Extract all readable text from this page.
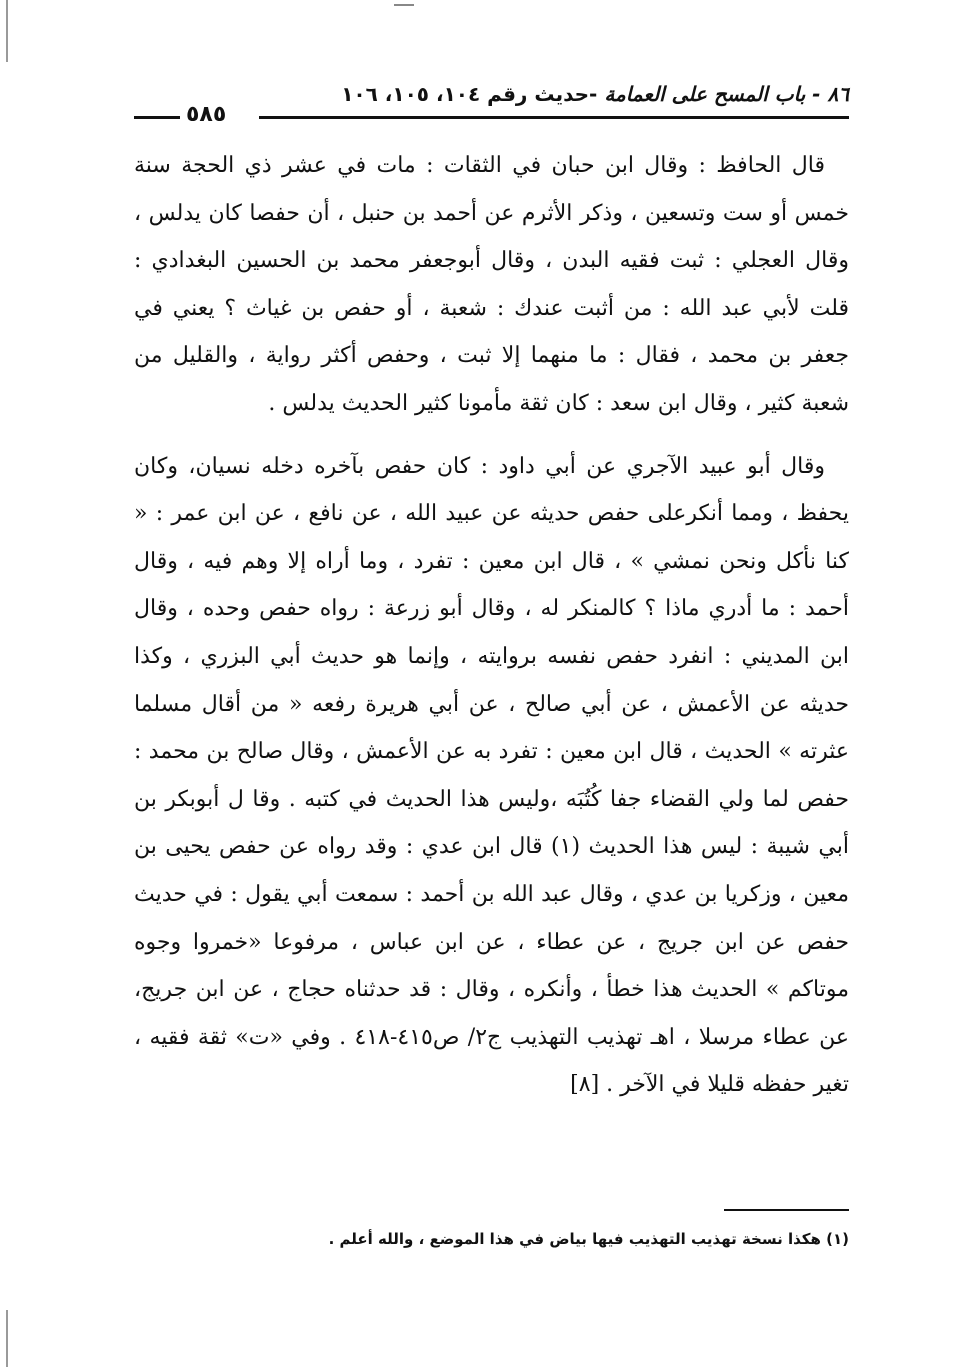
٨٦ - باب المسح على العمامة -حديث رقم ١٠٤، ١٠٥، ١٠٦
٥٨٥

قال الحافظ : وقال ابن حبان في الثقات : مات في عشر ذي الحجة سنة خمس أو ست وتسعين ، وذكر الأثرم عن أحمد بن حنبل ، أن حفصا كان يدلس ، وقال العجلي : ثبت فقيه البدن ، وقال أبوجعفر محمد بن الحسين البغدادي : قلت لأبي عبد الله : من أثبت عندك : شعبة ، أو حفص بن غياث ؟ يعني في جعفر بن محمد ، فقال : ما منهما إلا ثبت ، وحفص أكثر رواية ، والقليل من شعبة كثير ، وقال ابن سعد : كان ثقة مأمونا كثير الحديث يدلس .

وقال أبو عبيد الآجري عن أبي داود : كان حفص بآخره دخله نسيان، وكان يحفظ ، ومما أنكرعلى حفص حديثه عن عبيد الله ، عن نافع ، عن ابن عمر : « كنا نأكل ونحن نمشي » ، قال ابن معين : تفرد ، وما أراه إلا وهم فيه ، وقال أحمد : ما أدري ماذا ؟ كالمنكر له ، وقال أبو زرعة : رواه حفص وحده ، وقال ابن المديني : انفرد حفص نفسه بروايته ، وإنما هو حديث أبي البزري ، وكذا حديثه عن الأعمش ، عن أبي صالح ، عن أبي هريرة رفعه « من أقال مسلما عثرته » الحديث ، قال ابن معين : تفرد به عن الأعمش ، وقال صالح بن محمد : حفص لما ولي القضاء جفا كُتُبَه ،وليس هذا الحديث في كتبه . وقا ل أبوبكر بن أبي شيبة : ليس هذا الحديث (١) قال ابن عدي : وقد رواه عن حفص يحيى بن معين ، وزكريا بن عدي ، وقال عبد الله بن أحمد : سمعت أبي يقول : في حديث حفص عن ابن جريج ، عن عطاء ، عن ابن عباس ، مرفوعا «خمروا وجوه موتاكم » الحديث هذا خطأ ، وأنكره ، وقال : قد حدثناه حجاج ، عن ابن جريج، عن عطاء مرسلا ، اهـ تهذيب التهذيب ج٢/ ص٤١٥-٤١٨ . وفي «ت» ثقة فقيه ، تغير حفظه قليلا في الآخر . [٨]

(١) هكذا نسخة تهذيب التهذيب فيها بياض في هذا الموضع ، والله أعلم .
